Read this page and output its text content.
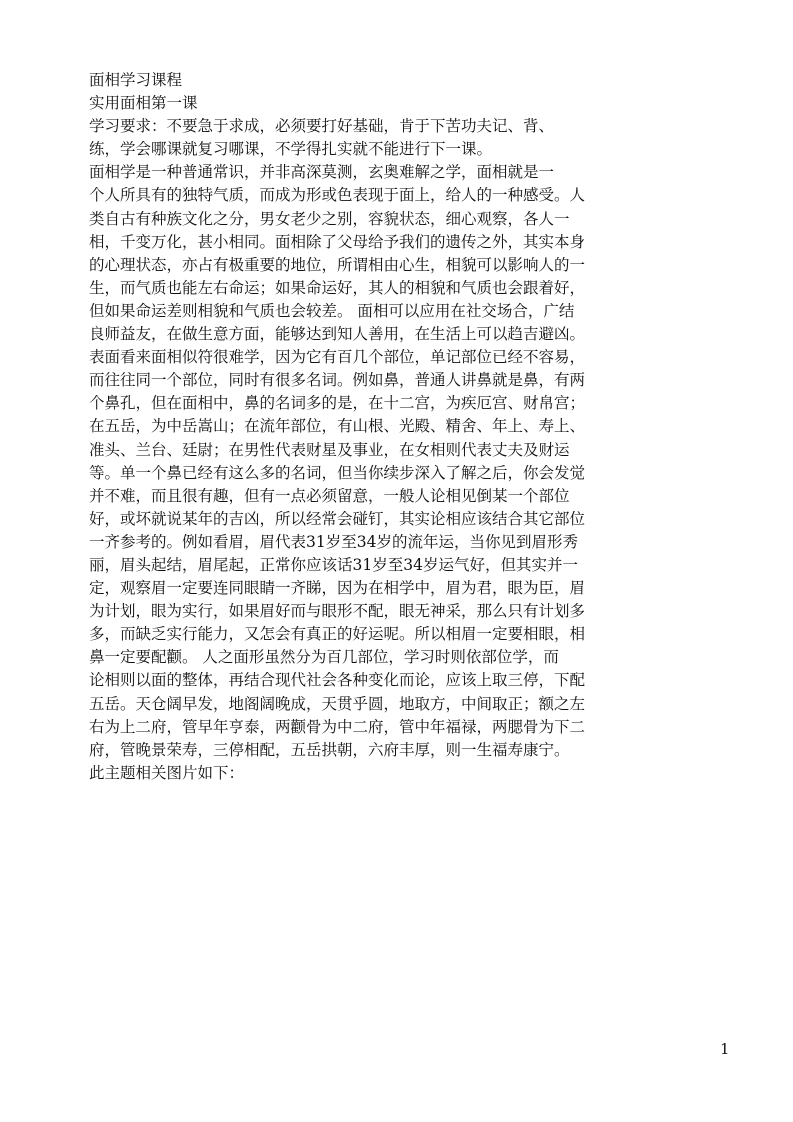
面相学习课程
实用面相第一课
学习要求：不要急于求成，必须要打好基础，肯于下苦功夫记、背、
练，学会哪课就复习哪课，不学得扎实就不能进行下一课。
面相学是一种普通常识，并非高深莫测，玄奥难解之学，面相就是一
个人所具有的独特气质，而成为形或色表现于面上，给人的一种感受。人
类自古有种族文化之分，男女老少之别，容貌状态，细心观察，各人一
相，千变万化，甚小相同。面相除了父母给予我们的遗传之外，其实本身
的心理状态，亦占有极重要的地位，所谓相由心生，相貌可以影响人的一
生，而气质也能左右命运；如果命运好，其人的相貌和气质也会跟着好，
但如果命运差则相貌和气质也会较差。 面相可以应用在社交场合，广结
良师益友，在做生意方面，能够达到知人善用，在生活上可以趋吉避凶。
表面看来面相似符很难学，因为它有百几个部位，单记部位已经不容易，
而往往同一个部位，同时有很多名词。例如鼻，普通人讲鼻就是鼻，有两
个鼻孔，但在面相中，鼻的名词多的是，在十二宫，为疾厄宫、财帛宫；
在五岳，为中岳嵩山；在流年部位，有山根、光殿、精舍、年上、寿上、
准头、兰台、廷尉；在男性代表财星及事业，在女相则代表丈夫及财运
等。单一个鼻已经有这么多的名词，但当你续步深入了解之后，你会发觉
并不难，而且很有趣，但有一点必须留意，一般人论相见倒某一个部位
好，或坏就说某年的吉凶，所以经常会碰钉，其实论相应该结合其它部位
一齐参考的。例如看眉，眉代表31岁至34岁的流年运，当你见到眉形秀
丽，眉头起结，眉尾起，正常你应该话31岁至34岁运气好，但其实并一
定，观察眉一定要连同眼睛一齐睇，因为在相学中，眉为君，眼为臣，眉
为计划，眼为实行，如果眉好而与眼形不配，眼无神采，那么只有计划多
多，而缺乏实行能力，又怎会有真正的好运呢。所以相眉一定要相眼，相
鼻一定要配颧。 人之面形虽然分为百几部位，学习时则依部位学，而
论相则以面的整体，再结合现代社会各种变化而论，应该上取三停，下配
五岳。天仓阔早发，地阁阔晚成，天贯乎圆，地取方，中间取正；额之左
右为上二府，管早年亨泰，两颧骨为中二府，管中年福禄，两腮骨为下二
府，管晚景荣寿，三停相配，五岳拱朝，六府丰厚，则一生福寿康宁。
此主题相关图片如下：
1
